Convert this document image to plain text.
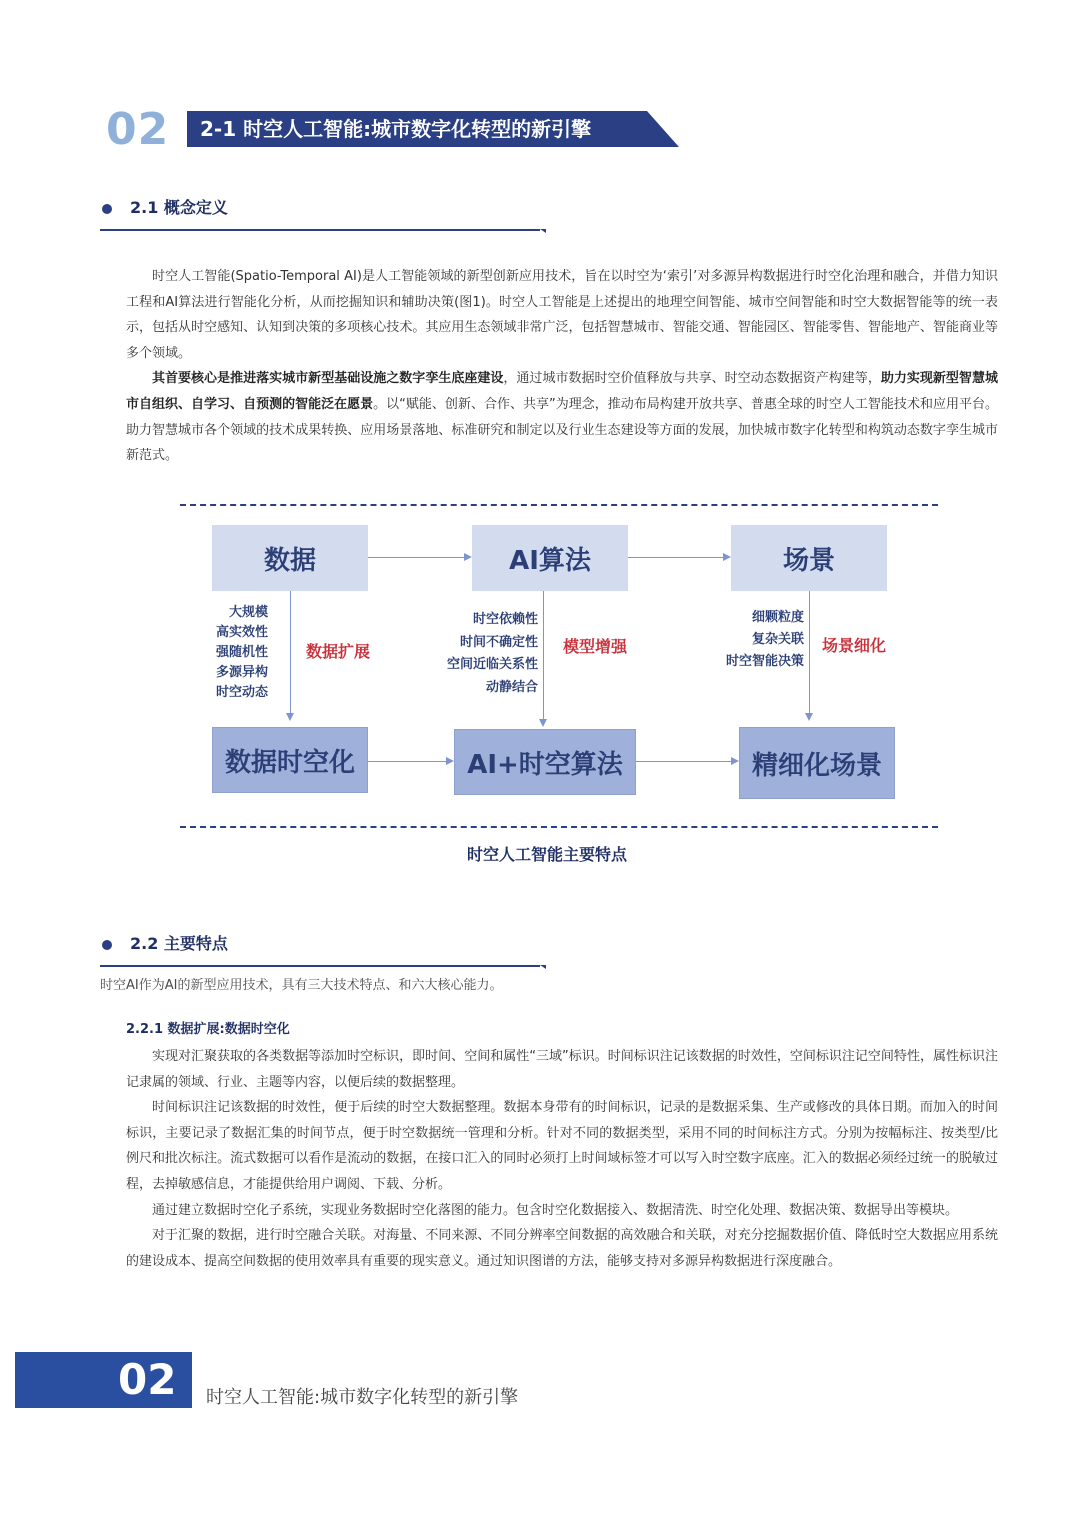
02 2-1 时空人工智能:城市数字化转型的新引擎
2.1 概念定义

时空人工智能(Spatio-Temporal AI)是人工智能领域的新型创新应用技术，旨在以时空为‘索引’对多源异构数据进行时空化治理和融合，并借力知识工程和AI算法进行智能化分析，从而挖掘知识和辅助决策(图1)。时空人工智能是上述提出的地理空间智能、城市空间智能和时空大数据智能等的统一表示，包括从时空感知、认知到决策的多项核心技术。其应用生态领域非常广泛，包括智慧城市、智能交通、智能园区、智能零售、智能地产、智能商业等多个领域。

其首要核心是推进落实城市新型基础设施之数字孪生底座建设，通过城市数据时空价值释放与共享、时空动态数据资产构建等，助力实现新型智慧城市自组织、自学习、自预测的智能泛在愿景。以“赋能、创新、合作、共享”为理念，推动布局构建开放共享、普惠全球的时空人工智能技术和应用平台。助力智慧城市各个领域的技术成果转换、应用场景落地、标准研究和制定以及行业生态建设等方面的发展，加快城市数字化转型和构筑动态数字孪生城市新范式。

数据	AI算法	场景
大规模
高实效性
强随机性
多源异构
时空动态
数据扩展
时空依赖性
时间不确定性
空间近临关系性
动静结合
模型增强
细颗粒度
复杂关联
时空智能决策
场景细化
数据时空化	AI+时空算法	精细化场景
时空人工智能主要特点
2.2 主要特点
时空AI作为AI的新型应用技术，具有三大技术特点、和六大核心能力。
2.2.1 数据扩展:数据时空化

实现对汇聚获取的各类数据等添加时空标识，即时间、空间和属性“三域”标识。时间标识注记该数据的时效性，空间标识注记空间特性，属性标识注记隶属的领域、行业、主题等内容，以便后续的数据整理。

时间标识注记该数据的时效性，便于后续的时空大数据整理。数据本身带有的时间标识，记录的是数据采集、生产或修改的具体日期。而加入的时间标识，主要记录了数据汇集的时间节点，便于时空数据统一管理和分析。针对不同的数据类型，采用不同的时间标注方式。分别为按幅标注、按类型/比例尺和批次标注。流式数据可以看作是流动的数据，在接口汇入的同时必须打上时间域标签才可以写入时空数字底座。汇入的数据必须经过统一的脱敏过程，去掉敏感信息，才能提供给用户调阅、下载、分析。

通过建立数据时空化子系统，实现业务数据时空化落图的能力。包含时空化数据接入、数据清洗、时空化处理、数据决策、数据导出等模块。

对于汇聚的数据，进行时空融合关联。对海量、不同来源、不同分辨率空间数据的高效融合和关联，对充分挖掘数据价值、降低时空大数据应用系统的建设成本、提高空间数据的使用效率具有重要的现实意义。通过知识图谱的方法，能够支持对多源异构数据进行深度融合。

02 时空人工智能:城市数字化转型的新引擎
